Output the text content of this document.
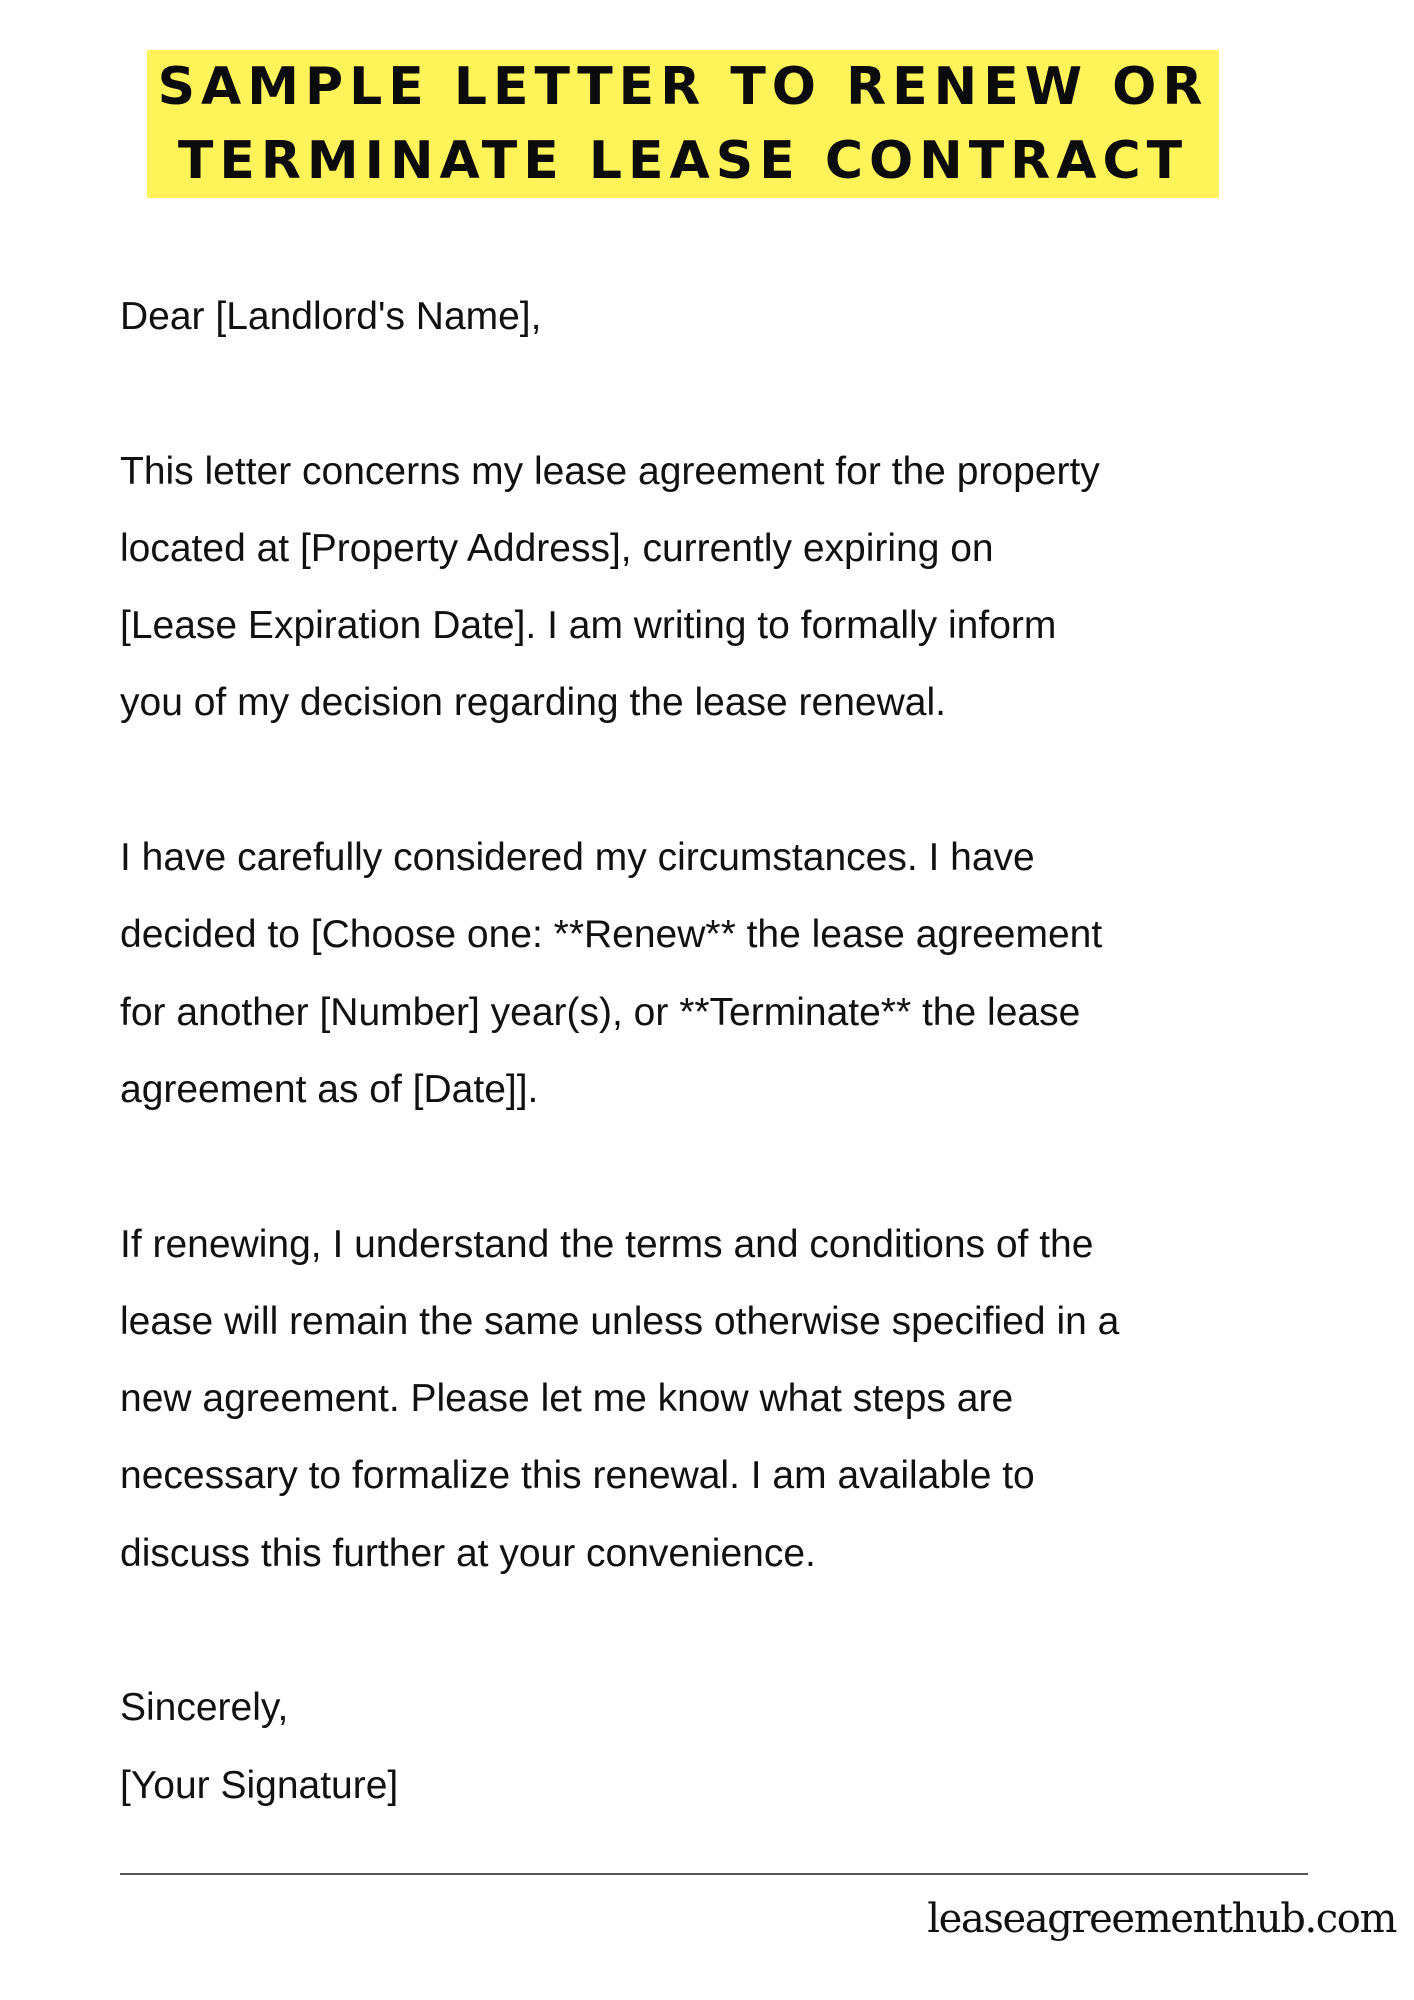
SAMPLE LETTER TO RENEW OR
TERMINATE LEASE CONTRACT

Dear [Landlord's Name],

This letter concerns my lease agreement for the property

located at [Property Address], currently expiring on

[Lease Expiration Date]. I am writing to formally inform

you of my decision regarding the lease renewal.

I have carefully considered my circumstances. I have

decided to [Choose one: **Renew** the lease agreement

for another [Number] year(s), or **Terminate** the lease

agreement as of [Date]].

If renewing, I understand the terms and conditions of the

lease will remain the same unless otherwise specified in a

new agreement. Please let me know what steps are

necessary to formalize this renewal. I am available to

discuss this further at your convenience.

Sincerely,

[Your Signature]

leaseagreementhub.com
